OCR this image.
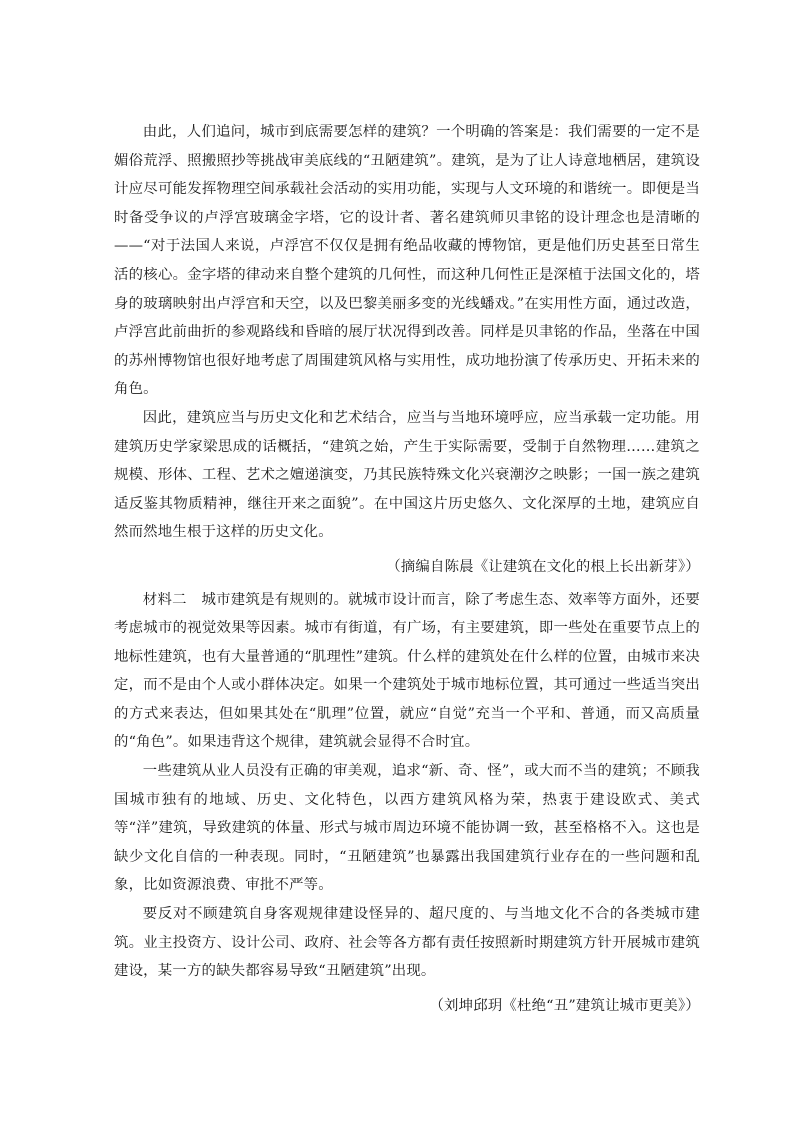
由此，人们追问，城市到底需要怎样的建筑？一个明确的答案是：我们需要的一定不是媚俗荒浮、照搬照抄等挑战审美底线的“丑陋建筑”。建筑，是为了让人诗意地栖居，建筑设计应尽可能发挥物理空间承载社会活动的实用功能，实现与人文环境的和谐统一。即便是当时备受争议的卢浮宫玻璃金字塔，它的设计者、著名建筑师贝聿铭的设计理念也是清晰的——“对于法国人来说，卢浮宫不仅仅是拥有绝品收藏的博物馆，更是他们历史甚至日常生活的核心。金字塔的律动来自整个建筑的几何性，而这种几何性正是深植于法国文化的，塔身的玻璃映射出卢浮宫和天空，以及巴黎美丽多变的光线蟠戏。”在实用性方面，通过改造，卢浮宫此前曲折的参观路线和昏暗的展厅状况得到改善。同样是贝聿铭的作品，坐落在中国的苏州博物馆也很好地考虑了周围建筑风格与实用性，成功地扮演了传承历史、开拓未来的角色。

因此，建筑应当与历史文化和艺术结合，应当与当地环境呼应，应当承载一定功能。用建筑历史学家梁思成的话概括，“建筑之始，产生于实际需要，受制于自然物理……建筑之规模、形体、工程、艺术之嬗递演变，乃其民族特殊文化兴衰潮汐之映影；一国一族之建筑适反鉴其物质精神，继往开来之面貌”。在中国这片历史悠久、文化深厚的土地，建筑应自然而然地生根于这样的历史文化。

（摘编自陈晨《让建筑在文化的根上长出新芽》）

材料二　城市建筑是有规则的。就城市设计而言，除了考虑生态、效率等方面外，还要考虑城市的视觉效果等因素。城市有街道，有广场，有主要建筑，即一些处在重要节点上的地标性建筑，也有大量普通的“肌理性”建筑。什么样的建筑处在什么样的位置，由城市来决定，而不是由个人或小群体决定。如果一个建筑处于城市地标位置，其可通过一些适当突出的方式来表达，但如果其处在“肌理”位置，就应“自觉”充当一个平和、普通，而又高质量的“角色”。如果违背这个规律，建筑就会显得不合时宜。

一些建筑从业人员没有正确的审美观，追求“新、奇、怪”，或大而不当的建筑；不顾我国城市独有的地域、历史、文化特色，以西方建筑风格为荣，热衷于建设欧式、美式等“洋”建筑，导致建筑的体量、形式与城市周边环境不能协调一致，甚至格格不入。这也是缺少文化自信的一种表现。同时，“丑陋建筑”也暴露出我国建筑行业存在的一些问题和乱象，比如资源浪费、审批不严等。

要反对不顾建筑自身客观规律建设怪异的、超尺度的、与当地文化不合的各类城市建筑。业主投资方、设计公司、政府、社会等各方都有责任按照新时期建筑方针开展城市建筑建设，某一方的缺失都容易导致“丑陋建筑”出现。

（刘坤邱玥《杜绝“丑”建筑让城市更美》）
